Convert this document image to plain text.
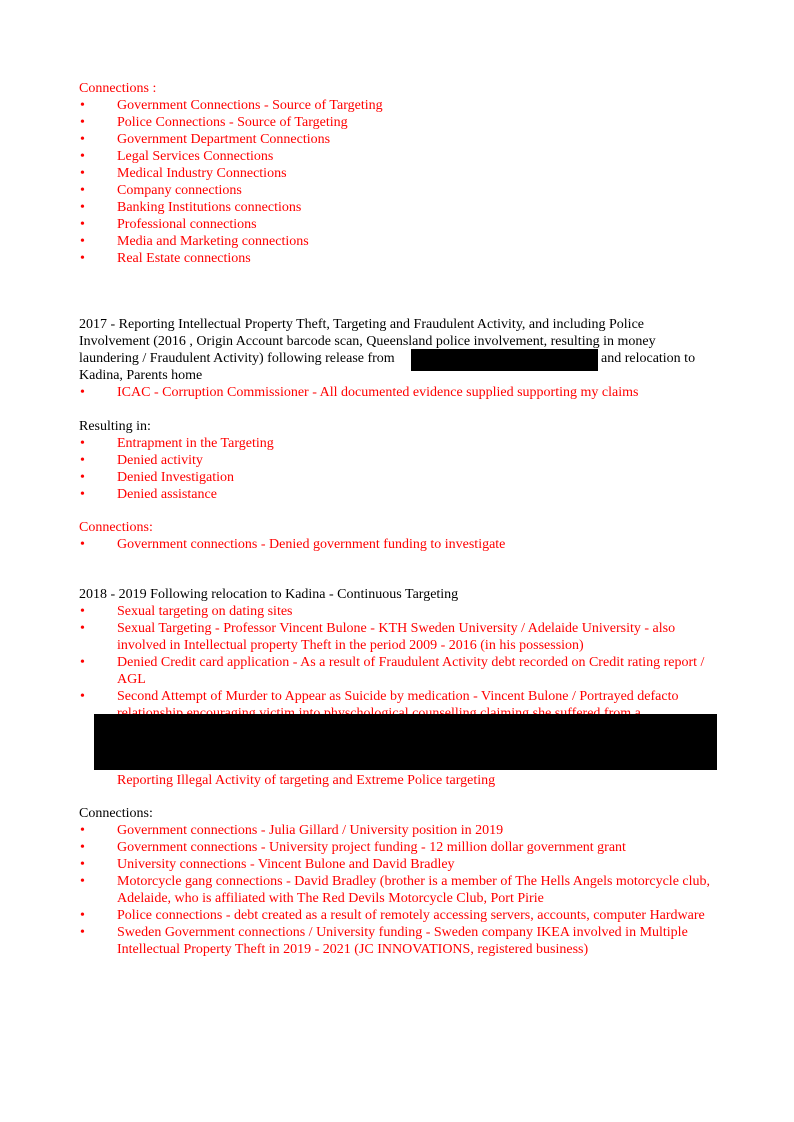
Connections :

• Government Connections - Source of Targeting
• Police Connections - Source of Targeting
• Government Department Connections
• Legal Services Connections
• Medical Industry Connections
• Company connections
• Banking Institutions connections
• Professional connections
• Media and Marketing connections
• Real Estate connections

2017 - Reporting Intellectual Property Theft, Targeting and Fraudulent Activity, and including Police

Involvement (2016 , Origin Account barcode scan, Queensland police involvement, resulting in money

laundering / Fraudulent Activity) following release from	and relocation to

Kadina, Parents home

• ICAC - Corruption Commissioner - All documented evidence supplied supporting my claims

Resulting in:

• Entrapment in the Targeting
• Denied activity
• Denied Investigation
• Denied assistance

Connections:

• Government connections - Denied government funding to investigate

2018 - 2019 Following relocation to Kadina - Continuous Targeting

• Sexual targeting on dating sites
• Sexual Targeting - Professor Vincent Bulone - KTH Sweden University / Adelaide University - also involved in Intellectual property Theft in the period 2009 - 2016 (in his possession)
• Denied Credit card application - As a result of Fraudulent Activity debt recorded on Credit rating report / AGL
• Second Attempt of Murder to Appear as Suicide by medication - Vincent Bulone / Portrayed defacto

Reporting Illegal Activity of targeting and Extreme Police targeting

Connections:

• Government connections - Julia Gillard / University position in 2019
• Government connections - University project funding - 12 million dollar government grant
• University connections - Vincent Bulone and David Bradley
• Motorcycle gang connections - David Bradley (brother is a member of The Hells Angels motorcycle club, Adelaide, who is affiliated with The Red Devils Motorcycle Club, Port Pirie
• Police connections - debt created as a result of remotely accessing servers, accounts, computer Hardware
• Sweden Government connections / University funding - Sweden company IKEA involved in Multiple Intellectual Property Theft in 2019 - 2021 (JC INNOVATIONS, registered business)
